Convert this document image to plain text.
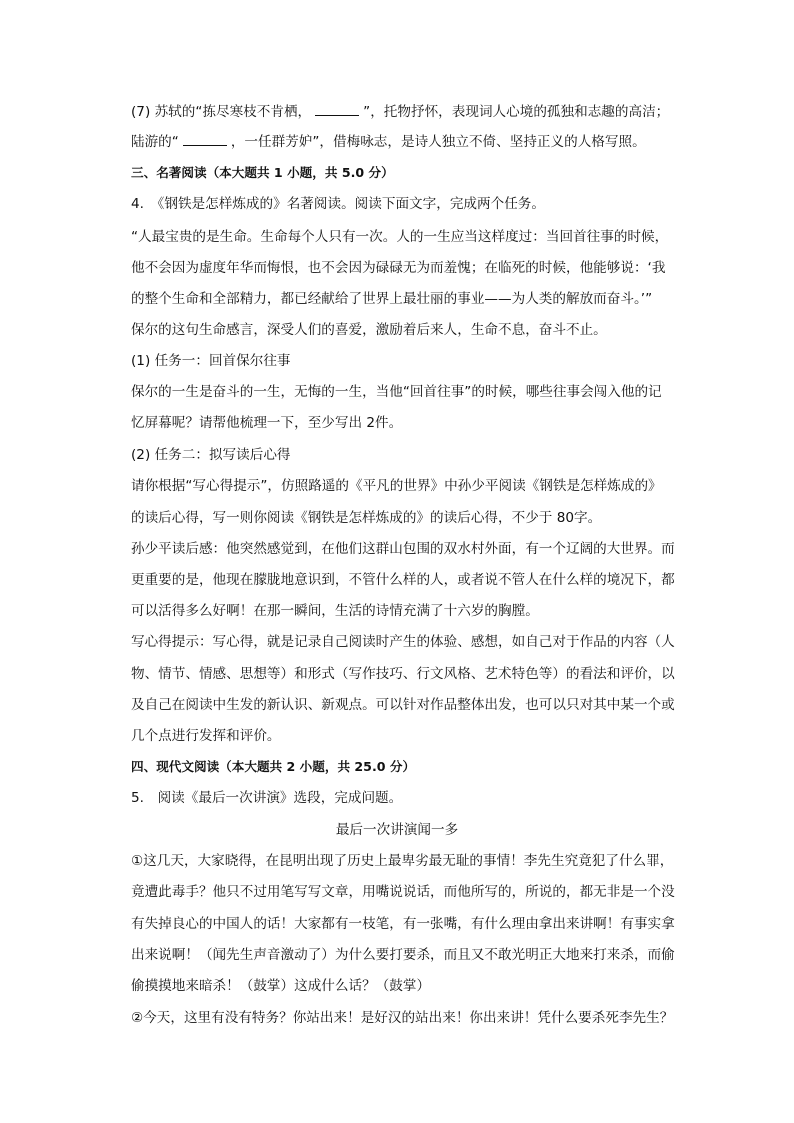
(7) 苏轼的“拣尽寒枝不肯栖，	”，托物抒怀，表现词人心境的孤独和志趣的高洁；
陆游的“	，一任群芳妒”，借梅咏志，是诗人独立不倚、坚持正义的人格写照。
三、名著阅读（本大题共 1 小题，共 5.0 分）
4.　《钢铁是怎样炼成的》名著阅读。阅读下面文字，完成两个任务。
“人最宝贵的是生命。生命每个人只有一次。人的一生应当这样度过：当回首往事的时候，
他不会因为虚度年华而悔恨，也不会因为碌碌无为而羞愧；在临死的时候，他能够说：‘我
的整个生命和全部精力，都已经献给了世界上最壮丽的事业——为人类的解放而奋斗。’”
保尔的这句生命感言，深受人们的喜爱，激励着后来人，生命不息，奋斗不止。
(1) 任务一：回首保尔往事
保尔的一生是奋斗的一生，无悔的一生，当他“回首往事”的时候，哪些往事会闯入他的记
忆屏幕呢？请帮他梳理一下，至少写出 2件。
(2) 任务二：拟写读后心得
请你根据“写心得提示”，仿照路遥的《平凡的世界》中孙少平阅读《钢铁是怎样炼成的》
的读后心得，写一则你阅读《钢铁是怎样炼成的》的读后心得，不少于 80字。
孙少平读后感：他突然感觉到，在他们这群山包围的双水村外面，有一个辽阔的大世界。而
更重要的是，他现在朦胧地意识到，不管什么样的人，或者说不管人在什么样的境况下，都
可以活得多么好啊！在那一瞬间，生活的诗情充满了十六岁的胸膛。
写心得提示：写心得，就是记录自己阅读时产生的体验、感想，如自己对于作品的内容（人
物、情节、情感、思想等）和形式（写作技巧、行文风格、艺术特色等）的看法和评价，以
及自己在阅读中生发的新认识、新观点。可以针对作品整体出发，也可以只对其中某一个或
几个点进行发挥和评价。
四、现代文阅读（本大题共 2 小题，共 25.0 分）
5.　阅读《最后一次讲演》选段，完成问题。
最后一次讲演闻一多
①这几天，大家晓得，在昆明出现了历史上最卑劣最无耻的事情！李先生究竟犯了什么罪，
竟遭此毒手？他只不过用笔写写文章，用嘴说说话，而他所写的，所说的，都无非是一个没
有失掉良心的中国人的话！大家都有一枝笔，有一张嘴，有什么理由拿出来讲啊！有事实拿
出来说啊！（闻先生声音激动了）为什么要打要杀，而且又不敢光明正大地来打来杀，而偷
偷摸摸地来暗杀！（鼓掌）这成什么话？（鼓掌）
②今天，这里有没有特务？你站出来！是好汉的站出来！你出来讲！凭什么要杀死李先生？
